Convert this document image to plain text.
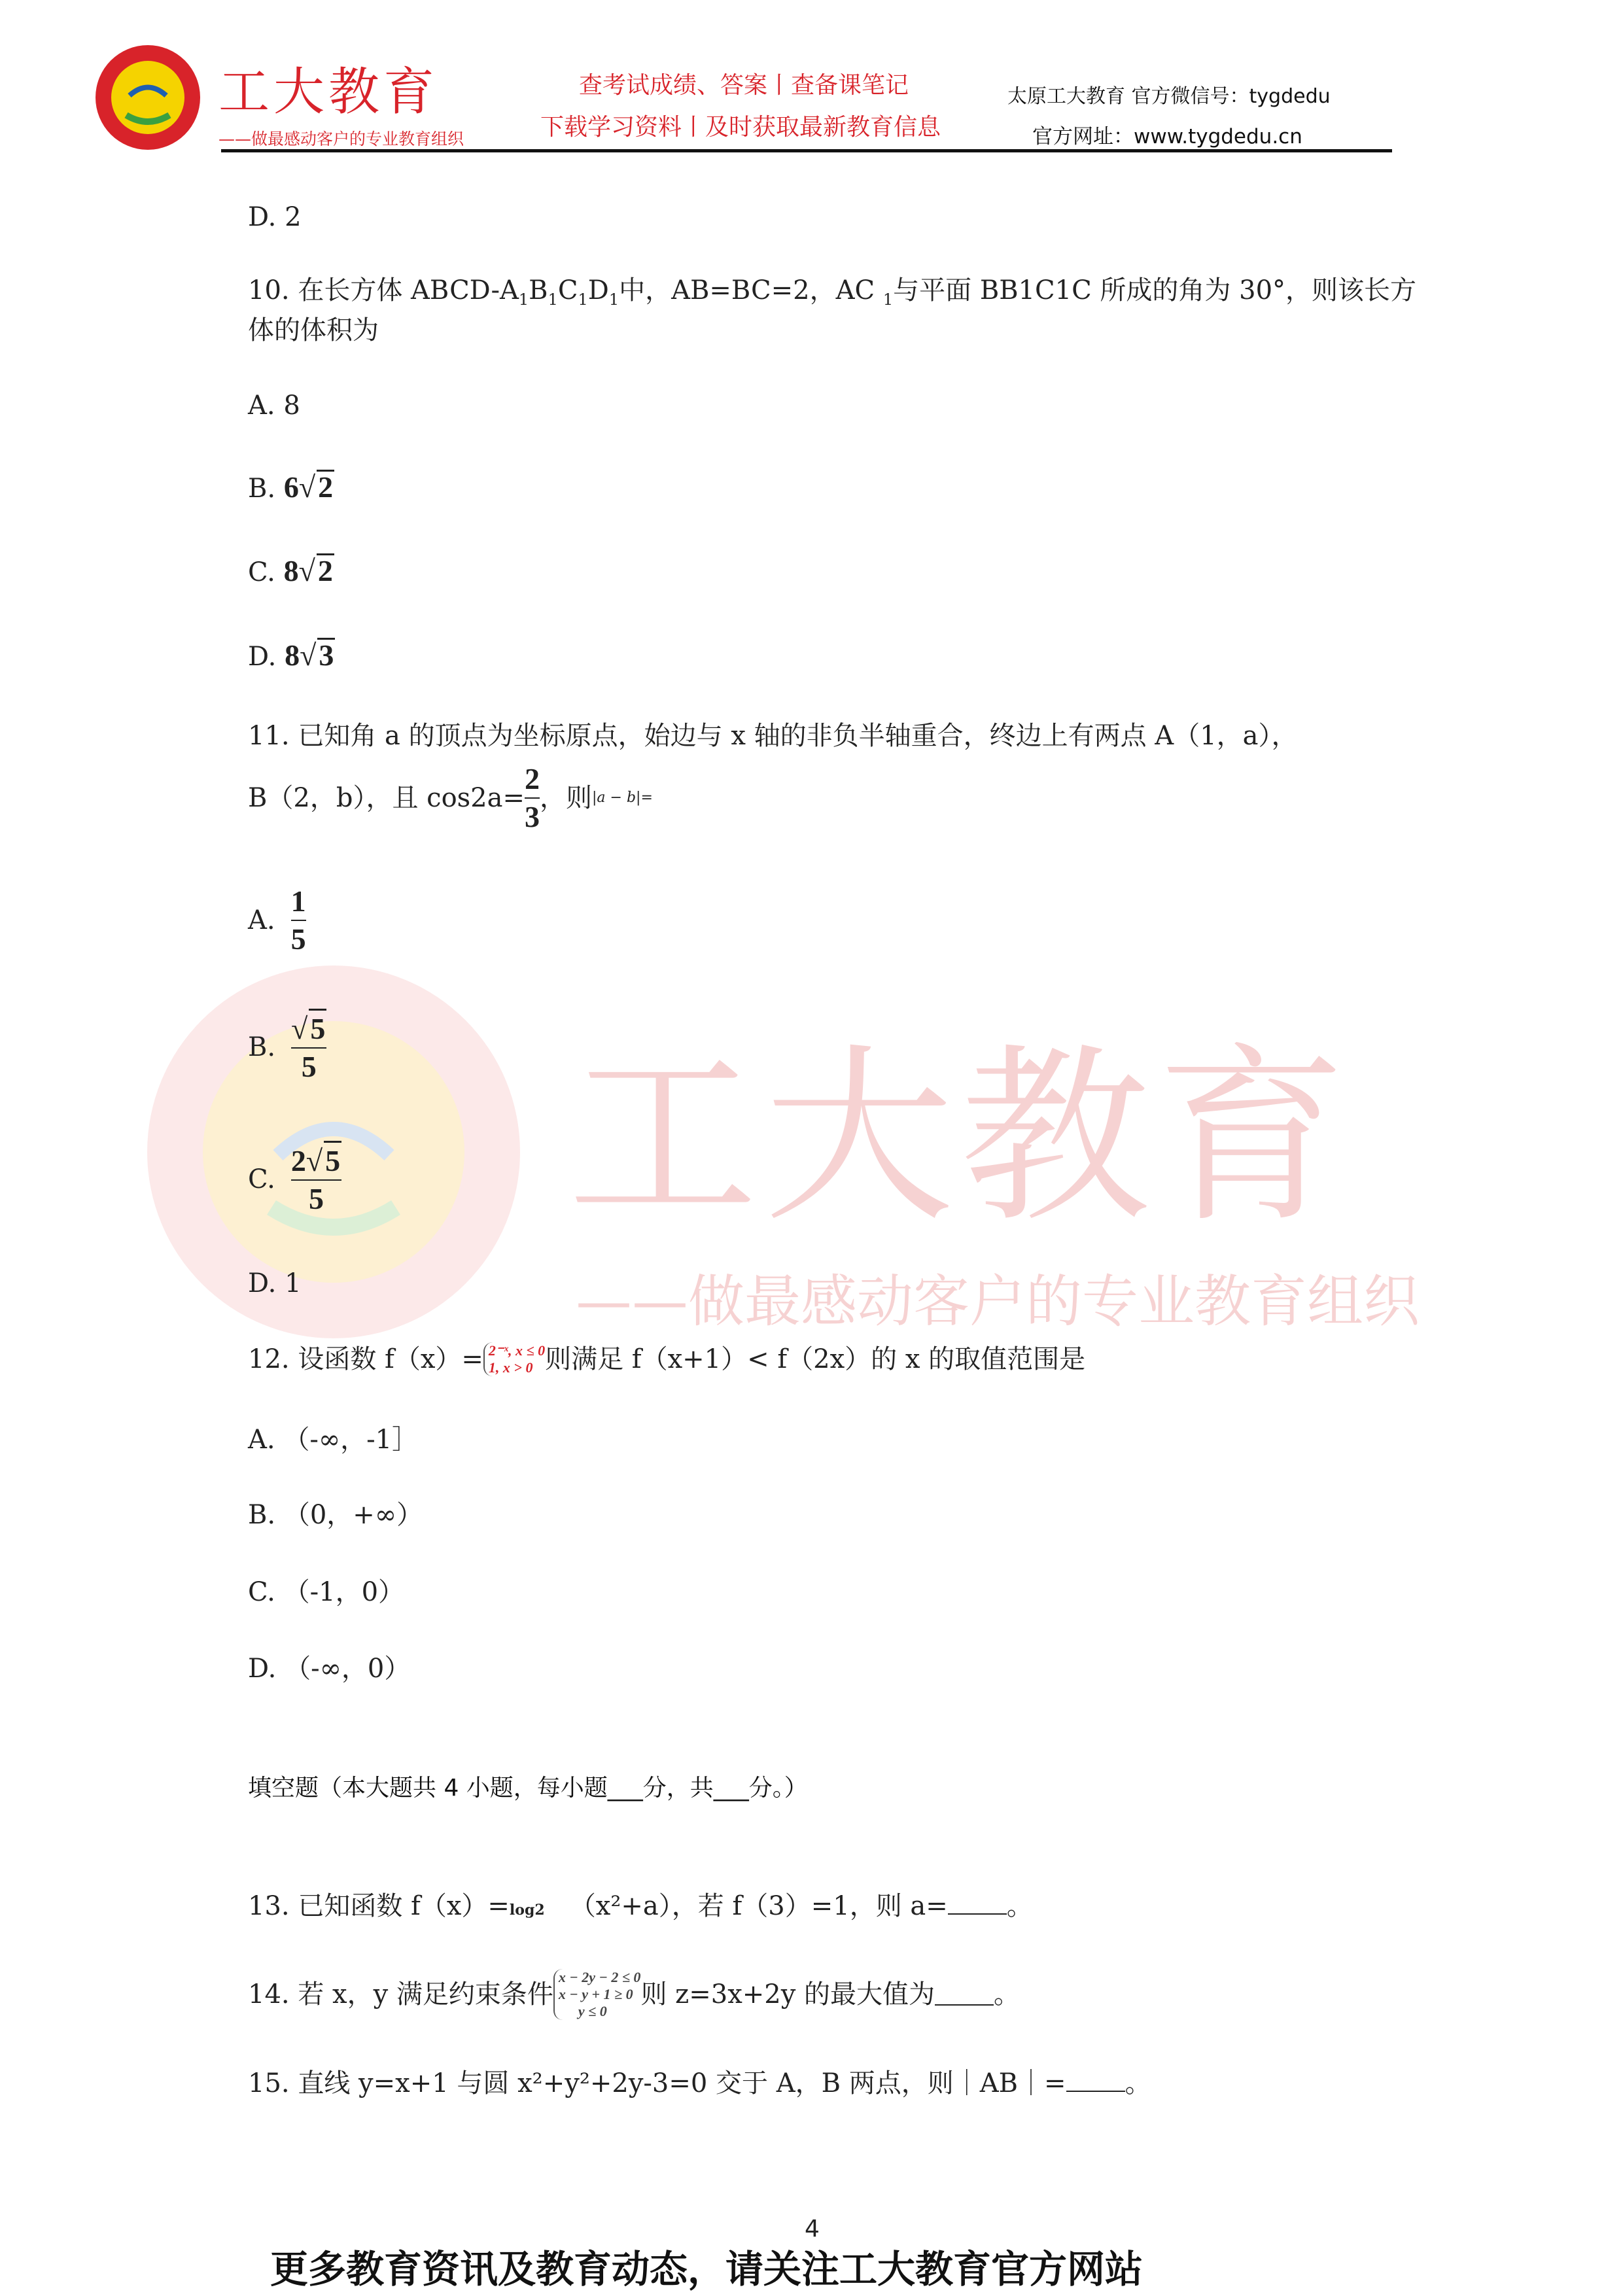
工大教育
——做最感动客户的专业教育组织
工大教育
——做最感动客户的专业教育组织
查考试成绩、答案丨查备课笔记
下载学习资料丨及时获取最新教育信息
太原工大教育 官方微信号：tygdedu
官方网址：www.tygdedu.cn
D. 2
10. 在长方体 ABCD-$A_1B_1C_1D_1$中，AB=BC=2，AC $_1$与平面 BB1C1C 所成的角为 30°，则该长方
体的体积为
A. 8
B. 6√2
C. 8√2
D. 8√3
11. 已知角 a 的顶点为坐标原点，始边与 x 轴的非负半轴重合，终边上有两点 A（1，a），
B（2，b），且 $\cos 2a= \frac{2}{3}$ ，则 |a − b|=
A. $\frac{1}{5}$
B. $\frac{√5}{5}$
C. $\frac{2√5}{5}$
D. 1
12. 设函数 f（x）= 2⁻ˣ, x ≤ 0
1, x > 0 则满足 f（x+1）< f（2x）的 x 的取值范围是
A. （-∞，-1］
B. （0，+∞）
C. （-1，0）
D. （-∞，0）
填空题（本大题共 4 小题，每小题___分，共___分。）
13. 已知函数 f（x）=log2 （x²+a），若 f（3）=1，则 a= 。
14. 若 x，y 满足约束条件
x − 2y − 2 ≤ 0
x − y + 1 ≥ 0
y ≤ 0
则 z=3x+2y 的最大值为 。
15. 直线 y=x+1 与圆 x²+y²+2y-3=0 交于 A，B 两点，则｜AB｜= 。
4
更多教育资讯及教育动态，请关注工大教育官方网站
